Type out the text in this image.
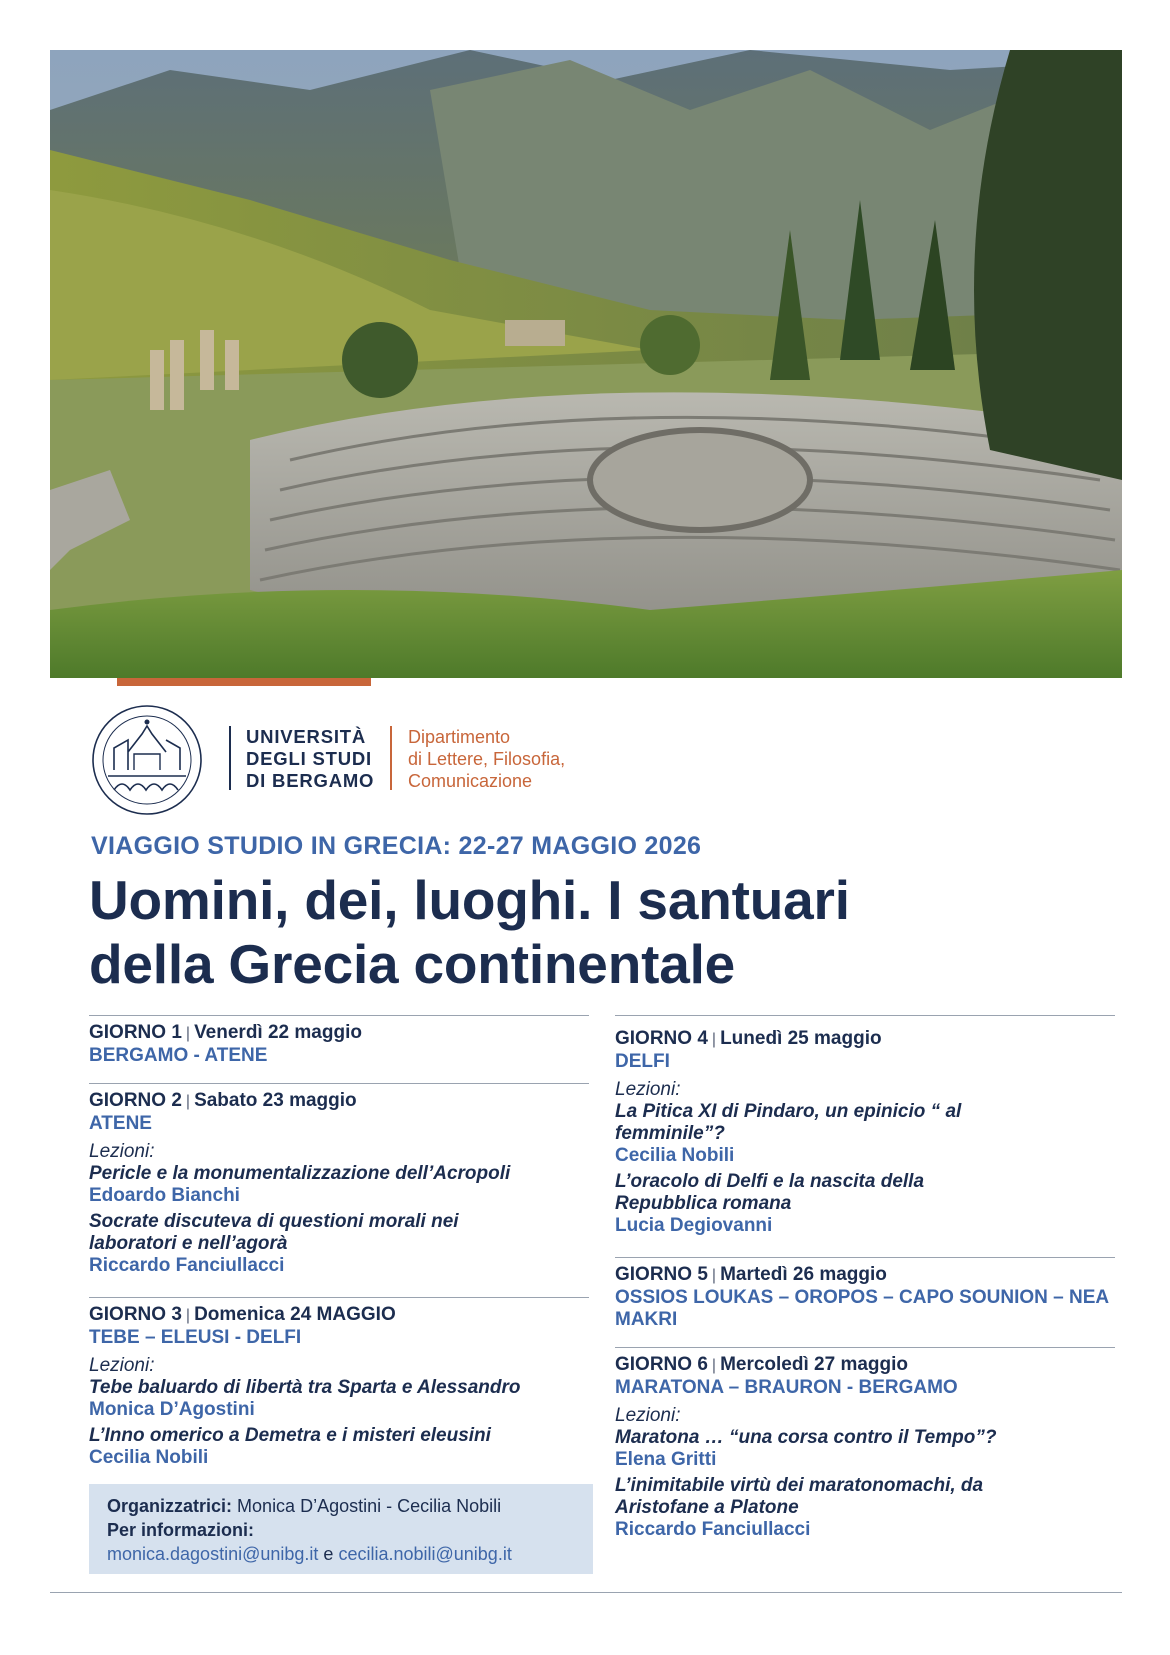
UNIVERSITÀ
DEGLI STUDI
DI BERGAMO
Dipartimento
di Lettere, Filosofia,
Comunicazione
VIAGGIO STUDIO IN GRECIA: 22-27 MAGGIO 2026
Uomini, dei, luoghi. I santuari
della Grecia continentale
GIORNO 1 | Venerdì 22 maggio
BERGAMO - ATENE
GIORNO 2 | Sabato 23 maggio
ATENE
Lezioni:
Pericle e la monumentalizzazione dell’Acropoli
Edoardo Bianchi
Socrate discuteva di questioni morali nei laboratori e nell’agorà
Riccardo Fanciullacci
GIORNO 3 | Domenica 24 MAGGIO
TEBE – ELEUSI - DELFI
Lezioni:
Tebe baluardo di libertà tra Sparta e Alessandro
Monica D’Agostini
L’Inno omerico a Demetra e i misteri eleusini
Cecilia Nobili
GIORNO 4 | Lunedì 25 maggio
DELFI
Lezioni:
La Pitica XI di Pindaro, un epinicio “ al femminile”?
Cecilia Nobili
L’oracolo di Delfi e la nascita della Repubblica romana
Lucia Degiovanni
GIORNO 5 | Martedì 26 maggio
OSSIOS LOUKAS – OROPOS – CAPO SOUNION – NEA MAKRI
GIORNO 6 | Mercoledì 27 maggio
MARATONA – BRAURON - BERGAMO
Lezioni:
Maratona … “una corsa contro il Tempo”?
Elena Gritti
L’inimitabile virtù dei maratonomachi, da Aristofane a Platone
Riccardo Fanciullacci
Organizzatrici: Monica D’Agostini - Cecilia Nobili
Per informazioni:
monica.dagostini@unibg.it e cecilia.nobili@unibg.it
